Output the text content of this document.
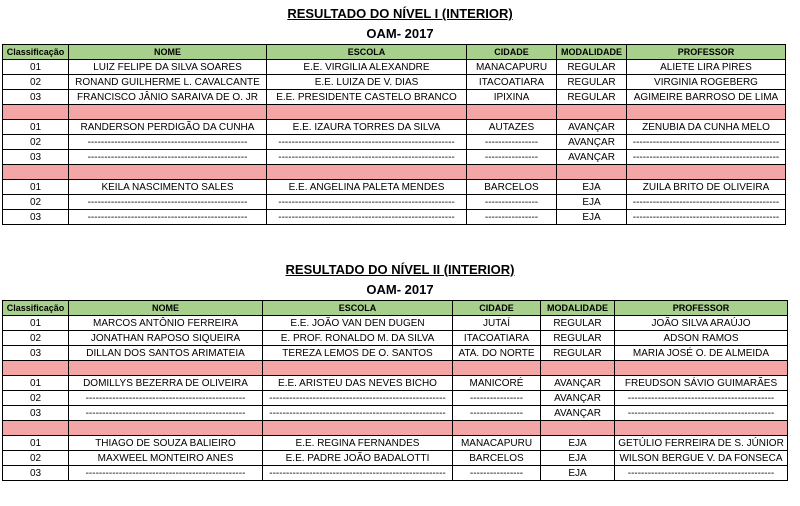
RESULTADO DO NÍVEL I (INTERIOR)
OAM- 2017
Classificação	NOME	ESCOLA	CIDADE	MODALIDADE	PROFESSOR
01	LUIZ FELIPE DA SILVA SOARES	E.E. VIRGILIA ALEXANDRE	MANACAPURU	REGULAR	ALIETE LIRA PIRES
02	RONAND GUILHERME L. CAVALCANTE	E.E. LUIZA DE V. DIAS	ITACOATIARA	REGULAR	VIRGINIA ROGEBERG
03	FRANCISCO JÂNIO SARAIVA DE O. JR	E.E. PRESIDENTE CASTELO BRANCO	IPIXINA	REGULAR	AGIMEIRE BARROSO DE LIMA

01	RANDERSON PERDIGÃO DA CUNHA	E.E. IZAURA TORRES DA SILVA	AUTAZES	AVANÇAR	ZENUBIA DA CUNHA MELO
02	------------------------------------------------	-----------------------------------------------------	----------------	AVANÇAR	--------------------------------------------
03	------------------------------------------------	-----------------------------------------------------	----------------	AVANÇAR	--------------------------------------------

01	KEILA NASCIMENTO SALES	E.E. ANGELINA PALETA MENDES	BARCELOS	EJA	ZUILA BRITO DE OLIVEIRA
02	------------------------------------------------	-----------------------------------------------------	----------------	EJA	--------------------------------------------
03	------------------------------------------------	-----------------------------------------------------	----------------	EJA	--------------------------------------------
RESULTADO DO NÍVEL II (INTERIOR)
OAM- 2017
Classificação	NOME	ESCOLA	CIDADE	MODALIDADE	PROFESSOR
01	MARCOS ANTÔNIO FERREIRA	E.E. JOÃO VAN DEN DUGEN	JUTAÍ	REGULAR	JOÃO SILVA ARAÚJO
02	JONATHAN RAPOSO SIQUEIRA	E. PROF. RONALDO M. DA SILVA	ITACOATIARA	REGULAR	ADSON RAMOS
03	DILLAN DOS SANTOS ARIMATEIA	TEREZA LEMOS DE O. SANTOS	ATA. DO NORTE	REGULAR	MARIA JOSÉ O. DE ALMEIDA

01	DOMILLYS BEZERRA DE OLIVEIRA	E.E. ARISTEU DAS NEVES BICHO	MANICORÉ	AVANÇAR	FREUDSON SÁVIO GUIMARÃES
02	------------------------------------------------	-----------------------------------------------------	----------------	AVANÇAR	--------------------------------------------
03	------------------------------------------------	-----------------------------------------------------	----------------	AVANÇAR	--------------------------------------------

01	THIAGO DE SOUZA BALIEIRO	E.E. REGINA FERNANDES	MANACAPURU	EJA	GETÚLIO FERREIRA DE S. JÚNIOR
02	MAXWEEL MONTEIRO ANES	E.E. PADRE JOÃO BADALOTTI	BARCELOS	EJA	WILSON BERGUE V. DA FONSECA
03	------------------------------------------------	-----------------------------------------------------	----------------	EJA	--------------------------------------------
